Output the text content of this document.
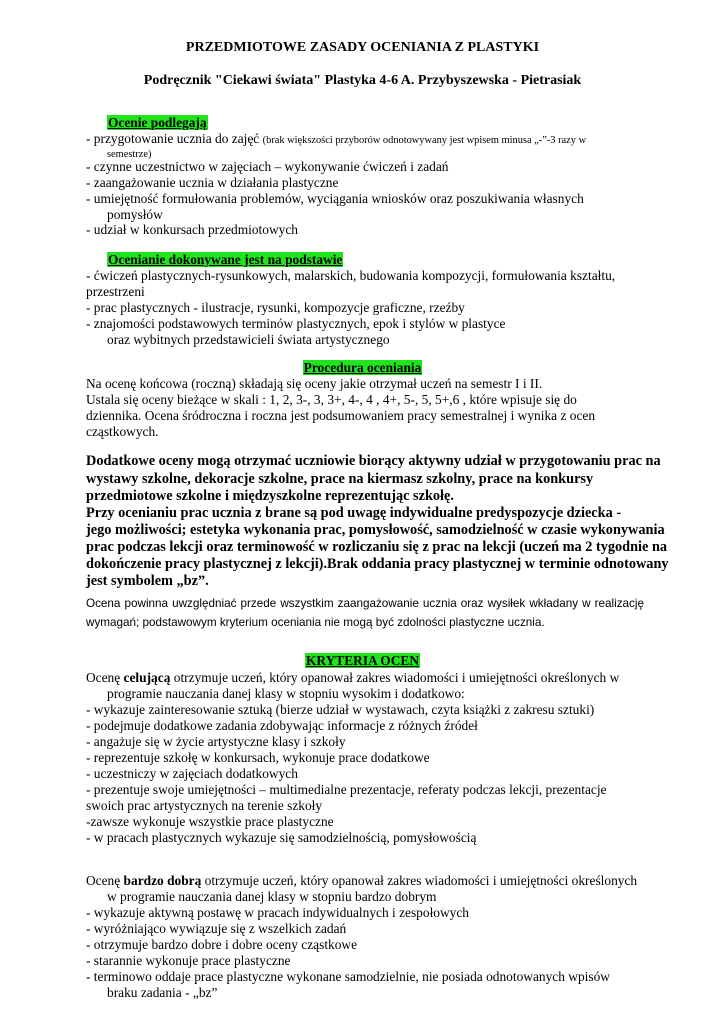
PRZEDMIOTOWE ZASADY OCENIANIA Z PLASTYKI
Podręcznik "Ciekawi świata" Plastyka 4-6 A. Przybyszewska - Pietrasiak
Ocenie podlegają
- przygotowanie ucznia do zajęć (brak większości przyborów odnotowywany jest wpisem minusa „-”-3 razy w
semestrze)
- czynne uczestnictwo w zajęciach – wykonywanie ćwiczeń i zadań
- zaangażowanie ucznia w działania plastyczne
- umiejętność formułowania problemów, wyciągania wniosków oraz poszukiwania własnych
pomysłów
- udział w konkursach przedmiotowych
Ocenianie dokonywane jest na podstawie
- ćwiczeń plastycznych-rysunkowych, malarskich, budowania kompozycji, formułowania kształtu,
przestrzeni
- prac plastycznych - ilustracje, rysunki, kompozycje graficzne, rzeźby
- znajomości podstawowych terminów plastycznych, epok i stylów w plastyce
oraz wybitnych przedstawicieli świata artystycznego
Procedura oceniania
Na ocenę końcowa (roczną) składają się oceny jakie otrzymał uczeń na semestr I i II.
Ustala się oceny bieżące w skali : 1, 2, 3-, 3, 3+, 4-, 4 , 4+, 5-, 5, 5+,6 , które wpisuje się do
dziennika. Ocena śródroczna i roczna jest podsumowaniem pracy semestralnej i wynika z ocen
cząstkowych.
Dodatkowe oceny mogą otrzymać uczniowie biorący aktywny udział w przygotowaniu prac na
wystawy szkolne, dekoracje szkolne, prace na kiermasz szkolny, prace na konkursy
przedmiotowe szkolne i międzyszkolne reprezentując szkołę.
Przy ocenianiu prac ucznia z brane są pod uwagę indywidualne predyspozycje dziecka -
jego możliwości; estetyka wykonania prac, pomysłowość, samodzielność w czasie wykonywania
prac podczas lekcji oraz terminowość w rozliczaniu się z prac na lekcji (uczeń ma 2 tygodnie na
dokończenie pracy plastycznej z lekcji).Brak oddania pracy plastycznej w terminie odnotowany
jest symbolem „bz”.
Ocena powinna uwzględniać przede wszystkim zaangażowanie ucznia oraz wysiłek wkładany w realizację wymagań; podstawowym kryterium oceniania nie mogą być zdolności plastyczne ucznia.
KRYTERIA OCEN
Ocenę celującą otrzymuje uczeń, który opanował zakres wiadomości i umiejętności określonych w
programie nauczania danej klasy w stopniu wysokim i dodatkowo:
- wykazuje zainteresowanie sztuką (bierze udział w wystawach, czyta książki z zakresu sztuki)
- podejmuje dodatkowe zadania zdobywając informacje z różnych źródeł
- angażuje się w życie artystyczne klasy i szkoły
- reprezentuje szkołę w konkursach, wykonuje prace dodatkowe
- uczestniczy w zajęciach dodatkowych
- prezentuje swoje umiejętności – multimedialne prezentacje, referaty podczas lekcji, prezentacje
swoich prac artystycznych na terenie szkoły
-zawsze wykonuje wszystkie prace plastyczne
- w pracach plastycznych wykazuje się samodzielnością, pomysłowością
Ocenę bardzo dobrą otrzymuje uczeń, który opanował zakres wiadomości i umiejętności określonych
w programie nauczania danej klasy w stopniu bardzo dobrym
- wykazuje aktywną postawę w pracach indywidualnych i zespołowych
- wyróżniająco wywiązuje się z wszelkich zadań
- otrzymuje bardzo dobre i dobre oceny cząstkowe
- starannie wykonuje prace plastyczne
- terminowo oddaje prace plastyczne wykonane samodzielnie, nie posiada odnotowanych wpisów
braku zadania - „bz”
